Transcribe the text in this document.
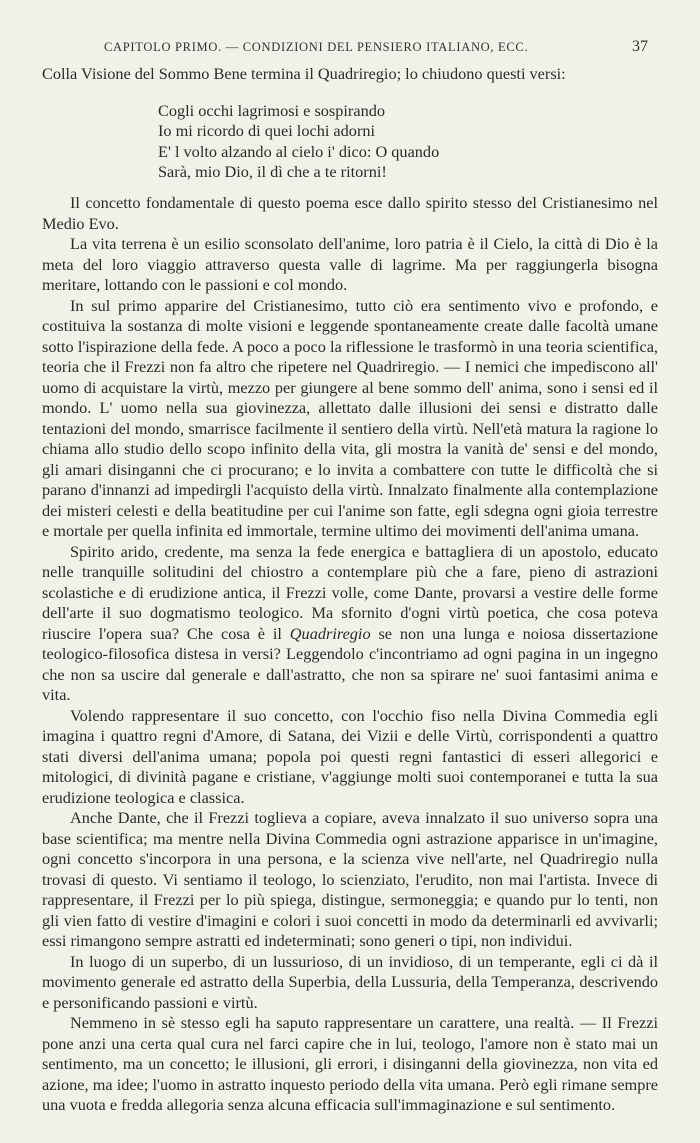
CAPITOLO PRIMO. — CONDIZIONI DEL PENSIERO ITALIANO, ECC.	37
Colla Visione del Sommo Bene termina il Quadriregio; lo chiudono questi versi:
Cogli occhi lagrimosi e sospirando
Io mi ricordo di quei lochi adorni
E' l volto alzando al cielo i' dico: O quando
Sarà, mio Dio, il dì che a te ritorni!

Il concetto fondamentale di questo poema esce dallo spirito stesso del Cristianesimo nel Medio Evo.

La vita terrena è un esilio sconsolato dell'anime, loro patria è il Cielo, la città di Dio è la meta del loro viaggio attraverso questa valle di lagrime. Ma per raggiungerla bisogna meritare, lottando con le passioni e col mondo.

In sul primo apparire del Cristianesimo, tutto ciò era sentimento vivo e profondo, e costituiva la sostanza di molte visioni e leggende spontaneamente create dalle facoltà umane sotto l'ispirazione della fede. A poco a poco la riflessione le trasformò in una teoria scientifica, teoria che il Frezzi non fa altro che ripetere nel Quadriregio. — I nemici che impediscono all' uomo di acquistare la virtù, mezzo per giungere al bene sommo dell' anima, sono i sensi ed il mondo. L' uomo nella sua giovinezza, allettato dalle illusioni dei sensi e distratto dalle tentazioni del mondo, smarrisce facilmente il sentiero della virtù. Nell'età matura la ragione lo chiama allo studio dello scopo infinito della vita, gli mostra la vanità de' sensi e del mondo, gli amari disinganni che ci procurano; e lo invita a combattere con tutte le difficoltà che si parano d'innanzi ad impedirgli l'acquisto della virtù. Innalzato finalmente alla contemplazione dei misteri celesti e della beatitudine per cui l'anime son fatte, egli sdegna ogni gioia terrestre e mortale per quella infinita ed immortale, termine ultimo dei movimenti dell'anima umana.

Spirito arido, credente, ma senza la fede energica e battagliera di un apostolo, educato nelle tranquille solitudini del chiostro a contemplare più che a fare, pieno di astrazioni scolastiche e di erudizione antica, il Frezzi volle, come Dante, provarsi a vestire delle forme dell'arte il suo dogmatismo teologico. Ma sfornito d'ogni virtù poetica, che cosa poteva riuscire l'opera sua? Che cosa è il Quadriregio se non una lunga e noiosa dissertazione teologico-filosofica distesa in versi? Leggendolo c'incontriamo ad ogni pagina in un ingegno che non sa uscire dal generale e dall'astratto, che non sa spirare ne' suoi fantasimi anima e vita.

Volendo rappresentare il suo concetto, con l'occhio fiso nella Divina Commedia egli imagina i quattro regni d'Amore, di Satana, dei Vizii e delle Virtù, corrispondenti a quattro stati diversi dell'anima umana; popola poi questi regni fantastici di esseri allegorici e mitologici, di divinità pagane e cristiane, v'aggiunge molti suoi contemporanei e tutta la sua erudizione teologica e classica.

Anche Dante, che il Frezzi toglieva a copiare, aveva innalzato il suo universo sopra una base scientifica; ma mentre nella Divina Commedia ogni astrazione apparisce in un'imagine, ogni concetto s'incorpora in una persona, e la scienza vive nell'arte, nel Quadriregio nulla trovasi di questo. Vi sentiamo il teologo, lo scienziato, l'erudito, non mai l'artista. Invece di rappresentare, il Frezzi per lo più spiega, distingue, sermoneggia; e quando pur lo tenti, non gli vien fatto di vestire d'imagini e colori i suoi concetti in modo da determinarli ed avvivarli; essi rimangono sempre astratti ed indeterminati; sono generi o tipi, non individui.

In luogo di un superbo, di un lussurioso, di un invidioso, di un temperante, egli ci dà il movimento generale ed astratto della Superbia, della Lussuria, della Temperanza, descrivendo e personificando passioni e virtù.

Nemmeno in sè stesso egli ha saputo rappresentare un carattere, una realtà. — Il Frezzi pone anzi una certa qual cura nel farci capire che in lui, teologo, l'amore non è stato mai un sentimento, ma un concetto; le illusioni, gli errori, i disinganni della giovinezza, non vita ed azione, ma idee; l'uomo in astratto inquesto periodo della vita umana. Però egli rimane sempre una vuota e fredda allegoria senza alcuna efficacia sull'immaginazione e sul sentimento.
